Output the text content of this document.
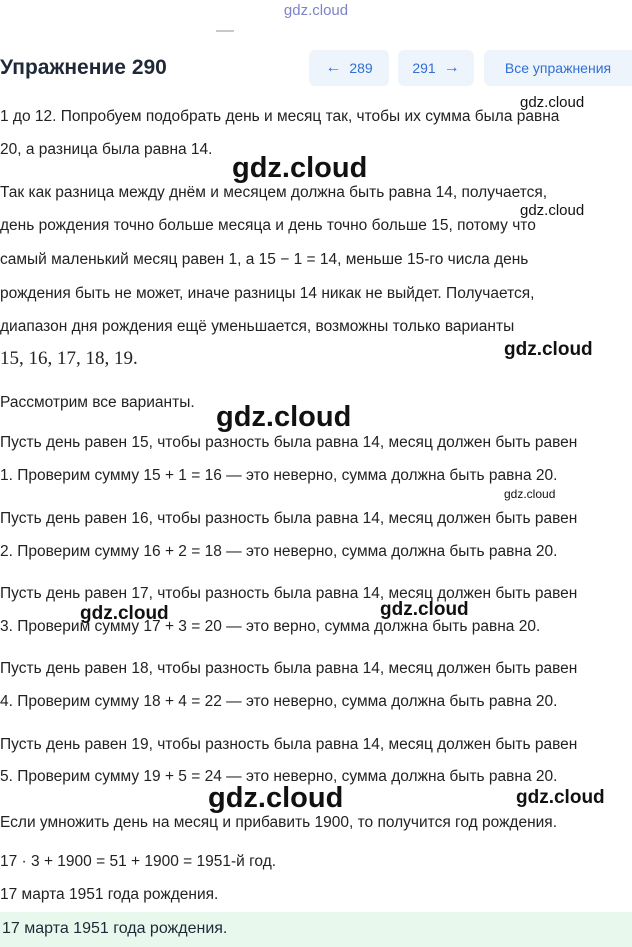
gdz.cloud
Упражнение 290	← 289	291 →	Все упражнения
1 до 12. Попробуем подобрать день и месяц так, чтобы их сумма была равна
20, а разница была равна 14.
Так как разница между днём и месяцем должна быть равна 14, получается,
день рождения точно больше месяца и день точно больше 15, потому что
самый маленький месяц равен 1, а 15 − 1 = 14, меньше 15-го числа день
рождения быть не может, иначе разницы 14 никак не выйдет. Получается,
диапазон дня рождения ещё уменьшается, возможны только варианты
15, 16, 17, 18, 19.
Рассмотрим все варианты.
Пусть день равен 15, чтобы разность была равна 14, месяц должен быть равен
1. Проверим сумму 15 + 1 = 16 — это неверно, сумма должна быть равна 20.
Пусть день равен 16, чтобы разность была равна 14, месяц должен быть равен
2. Проверим сумму 16 + 2 = 18 — это неверно, сумма должна быть равна 20.
Пусть день равен 17, чтобы разность была равна 14, месяц должен быть равен
3. Проверим сумму 17 + 3 = 20 — это верно, сумма должна быть равна 20.
Пусть день равен 18, чтобы разность была равна 14, месяц должен быть равен
4. Проверим сумму 18 + 4 = 22 — это неверно, сумма должна быть равна 20.
Пусть день равен 19, чтобы разность была равна 14, месяц должен быть равен
5. Проверим сумму 19 + 5 = 24 — это неверно, сумма должна быть равна 20.
Если умножить день на месяц и прибавить 1900, то получится год рождения.
17 · 3 + 1900 = 51 + 1900 = 1951-й год.
17 марта 1951 года рождения.
17 марта 1951 года рождения.
gdz.cloud
gdz.cloud
gdz.cloud
gdz.cloud
gdz.cloud
gdz.cloud
gdz.cloud	gdz.cloud
gdz.cloud	gdz.cloud
